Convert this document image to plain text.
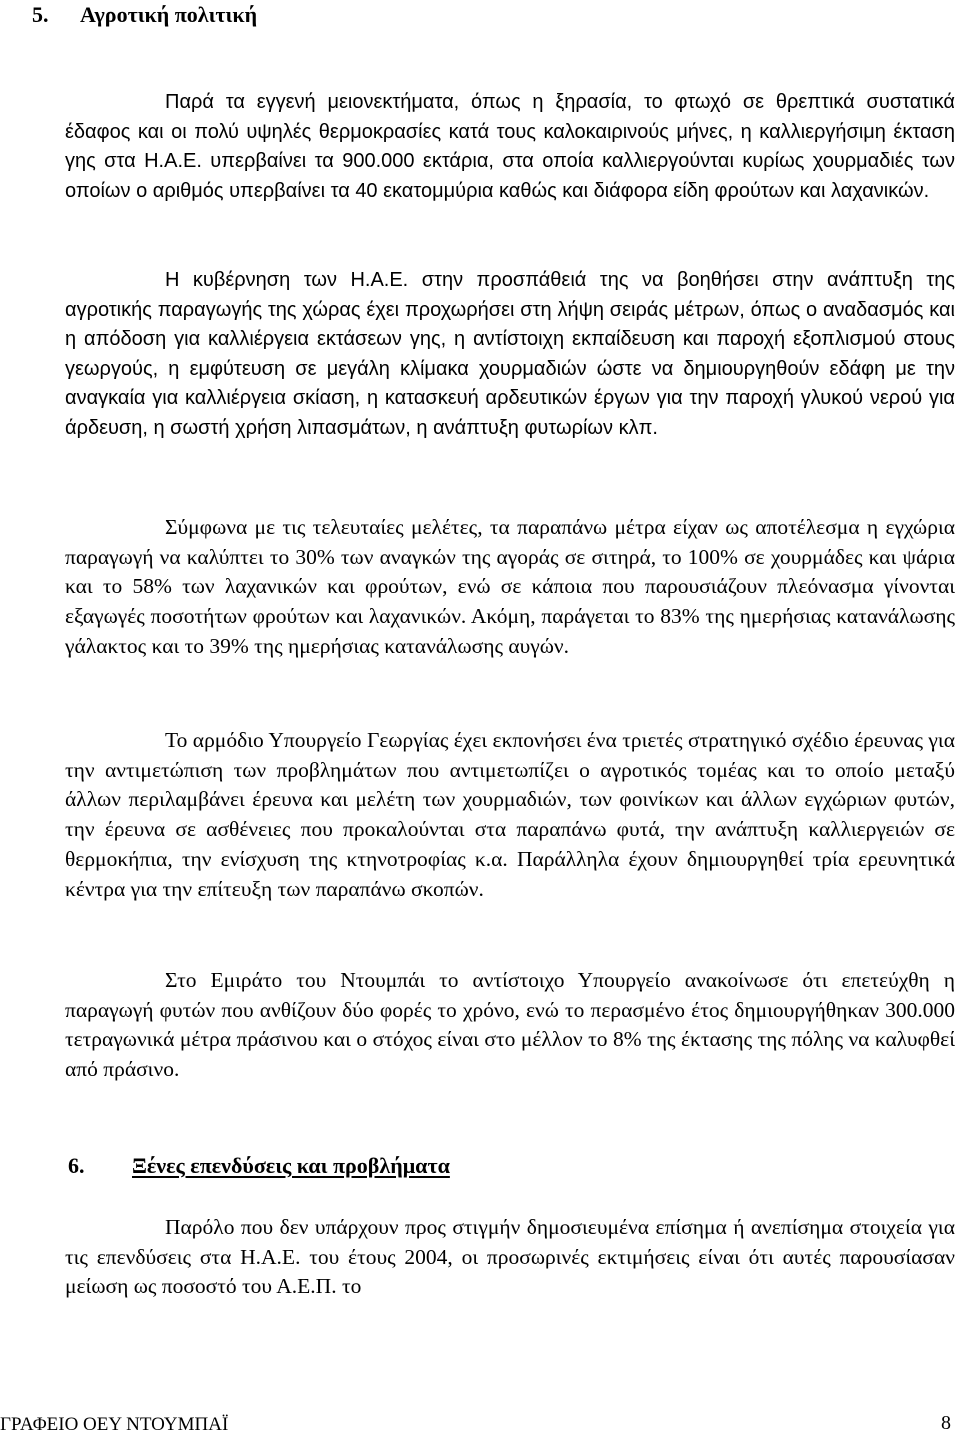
5. Αγροτική πολιτική

Παρά τα εγγενή μειονεκτήματα, όπως η ξηρασία, το φτωχό σε θρεπτικά συστατικά έδαφος και οι πολύ υψηλές θερμοκρασίες κατά τους καλοκαιρινούς μήνες, η καλλιεργήσιμη έκταση γης στα Η.Α.Ε. υπερβαίνει τα 900.000 εκτάρια, στα οποία καλλιεργούνται κυρίως χουρμαδιές των οποίων ο αριθμός υπερβαίνει τα 40 εκατομμύρια καθώς και διάφορα είδη φρούτων και λαχανικών.

Η κυβέρνηση των Η.Α.Ε. στην προσπάθειά της να βοηθήσει στην ανάπτυξη της αγροτικής παραγωγής της χώρας έχει προχωρήσει στη λήψη σειράς μέτρων, όπως ο αναδασμός και η απόδοση για καλλιέργεια εκτάσεων γης, η αντίστοιχη εκπαίδευση και παροχή εξοπλισμού στους γεωργούς, η εμφύτευση σε μεγάλη κλίμακα χουρμαδιών ώστε να δημιουργηθούν εδάφη με την αναγκαία για καλλιέργεια σκίαση, η κατασκευή αρδευτικών έργων για την παροχή γλυκού νερού για άρδευση, η σωστή χρήση λιπασμάτων, η ανάπτυξη φυτωρίων κλπ.

Σύμφωνα με τις τελευταίες μελέτες, τα παραπάνω μέτρα είχαν ως αποτέλεσμα η εγχώρια παραγωγή να καλύπτει το 30% των αναγκών της αγοράς σε σιτηρά, το 100% σε χουρμάδες και ψάρια και το 58% των λαχανικών και φρούτων, ενώ σε κάποια που παρουσιάζουν πλεόνασμα γίνονται εξαγωγές ποσοτήτων φρούτων και λαχανικών. Ακόμη, παράγεται το 83% της ημερήσιας κατανάλωσης γάλακτος και το 39% της ημερήσιας κατανάλωσης αυγών.

Το αρμόδιο Υπουργείο Γεωργίας έχει εκπονήσει ένα τριετές στρατηγικό σχέδιο έρευνας για την αντιμετώπιση των προβλημάτων που αντιμετωπίζει ο αγροτικός τομέας και το οποίο μεταξύ άλλων περιλαμβάνει έρευνα και μελέτη των χουρμαδιών, των φοινίκων και άλλων εγχώριων φυτών, την έρευνα σε ασθένειες που προκαλούνται στα παραπάνω φυτά, την ανάπτυξη καλλιεργειών σε θερμοκήπια, την ενίσχυση της κτηνοτροφίας κ.α. Παράλληλα έχουν δημιουργηθεί τρία ερευνητικά κέντρα για την επίτευξη των παραπάνω σκοπών.

Στο Εμιράτο του Ντουμπάι το αντίστοιχο Υπουργείο ανακοίνωσε ότι επετεύχθη η παραγωγή φυτών που ανθίζουν δύο φορές το χρόνο, ενώ το περασμένο έτος δημιουργήθηκαν 300.000 τετραγωνικά μέτρα πράσινου και ο στόχος είναι στο μέλλον το 8% της έκτασης της πόλης να καλυφθεί από πράσινο.

6. Ξένες επενδύσεις και προβλήματα

Παρόλο που δεν υπάρχουν προς στιγμήν δημοσιευμένα επίσημα ή ανεπίσημα στοιχεία για τις επενδύσεις στα Η.Α.Ε. του έτους 2004, οι προσωρινές εκτιμήσεις είναι ότι αυτές παρουσίασαν μείωση ως ποσοστό του Α.Ε.Π. το

ΓΡΑΦΕΙΟ ΟΕΥ ΝΤΟΥΜΠΑΪ	8
